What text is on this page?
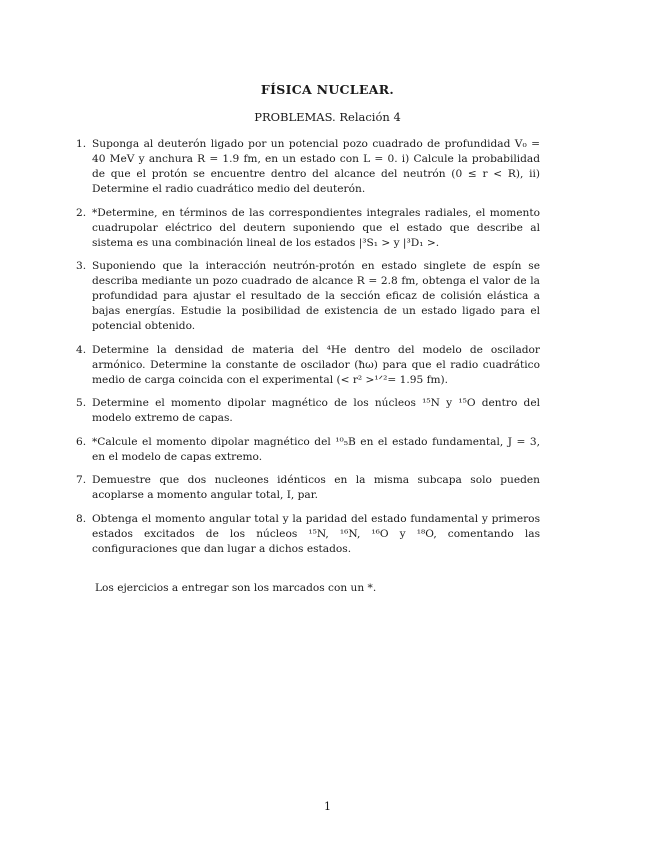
FÍSICA NUCLEAR.
PROBLEMAS. Relación 4
1. Suponga al deuterón ligado por un potencial pozo cuadrado de profundidad V₀ = 40 MeV y anchura R = 1.9 fm, en un estado con L = 0. i) Calcule la probabilidad de que el protón se encuentre dentro del alcance del neutrón (0 ≤ r < R), ii) Determine el radio cuadrático medio del deuterón.
2. *Determine, en términos de las correspondientes integrales radiales, el momento cuadrupolar eléctrico del deutern suponiendo que el estado que describe al sistema es una combinación lineal de los estados |³S₁ > y |³D₁ >.
3. Suponiendo que la interacción neutrón-protón en estado singlete de espín se describa mediante un pozo cuadrado de alcance R = 2.8 fm, obtenga el valor de la profundidad para ajustar el resultado de la sección eficaz de colisión elástica a bajas energías. Estudie la posibilidad de existencia de un estado ligado para el potencial obtenido.
4. Determine la densidad de materia del ⁴He dentro del modelo de oscilador armónico. Determine la constante de oscilador (ħω) para que el radio cuadrático medio de carga coincida con el experimental (< r² >¹ᐟ²= 1.95 fm).
5. Determine el momento dipolar magnético de los núcleos ¹⁵N y ¹⁵O dentro del modelo extremo de capas.
6. *Calcule el momento dipolar magnético del ¹⁰₅B en el estado fundamental, J = 3, en el modelo de capas extremo.
7. Demuestre que dos nucleones idénticos en la misma subcapa solo pueden acoplarse a momento angular total, I, par.
8. Obtenga el momento angular total y la paridad del estado fundamental y primeros estados excitados de los núcleos ¹⁵N, ¹⁶N, ¹⁶O y ¹⁸O, comentando las configuraciones que dan lugar a dichos estados.
Los ejercicios a entregar son los marcados con un *.
1
